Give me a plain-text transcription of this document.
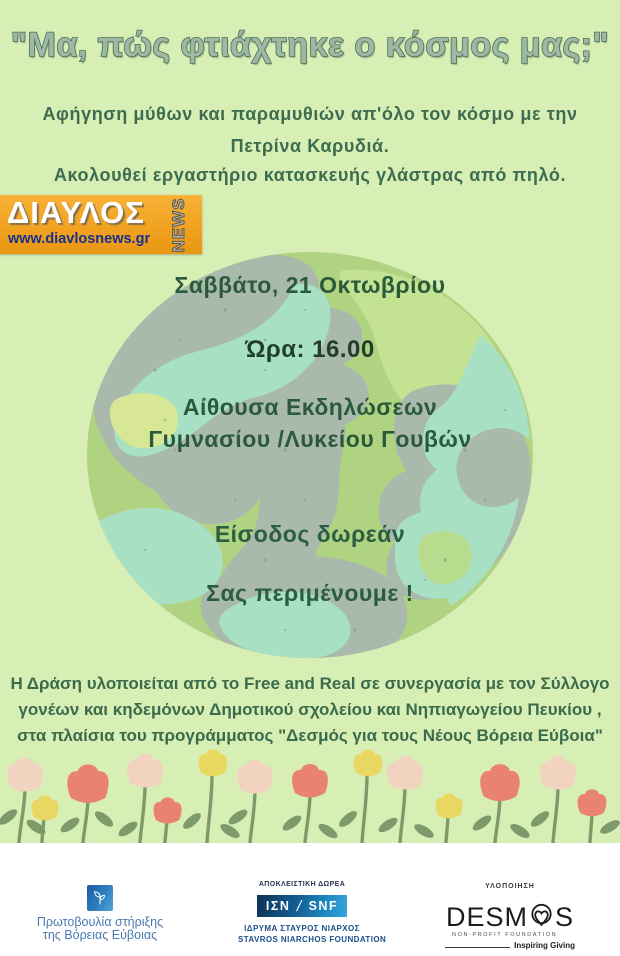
"Μα, πώς φτιάχτηκε ο κόσμος μας;"
Αφήγηση μύθων και παραμυθιών απ'όλο τον κόσμο με την
Πετρίνα Καρυδιά.
Ακολουθεί εργαστήριο κατασκευής γλάστρας από πηλό.
ΔΙΑΥΛΟΣ
www.diavlosnews.gr NEWS
Σαββάτο, 21 Οκτωβρίου
Ώρα: 16.00
Αίθουσα Εκδηλώσεων
Γυμνασίου /Λυκείου Γουβών
Είσοδος δωρεάν
Σας περιμένουμε !
Η Δράση υλοποιείται από το Free and Real σε συνεργασία με τον Σύλλογο
γονέων και κηδεμόνων Δημοτικού σχολείου και Νηπιαγωγείου Πευκίου ,
στα πλαίσια του προγράμματος "Δεσμός για τους Νέους Βόρεια Εύβοια"
Πρωτοβουλία στήριξης
της Βόρειας Εύβοιας
ΑΠΟΚΛΕΙΣΤΙΚΗ ΔΩΡΕΑ
ΙΣΝ / SNF
ΙΔΡΥΜΑ ΣΤΑΥΡΟΣ ΝΙΑΡΧΟΣ
STAVROS NIARCHOS FOUNDATION
ΥΛΟΠΟΙΗΣΗ
DESM S
NON-PROFIT FOUNDATION
Inspiring Giving
